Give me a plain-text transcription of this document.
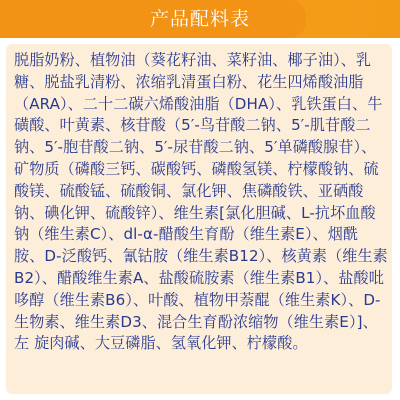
产品配料表
脱脂奶粉、植物油（葵花籽油、菜籽油、椰子油）、乳 糖、脱盐乳清粉、浓缩乳清蛋白粉、花生四烯酸油脂 （ARA）、二十二碳六烯酸油脂（DHA）、乳铁蛋白、牛 磺酸、叶黄素、核苷酸（5′-鸟苷酸二钠、5′-肌苷酸二 钠、5′-胞苷酸二钠、5′-尿苷酸二钠、5′单磷酸腺苷）、 矿物质（磷酸三钙、碳酸钙、磷酸氢镁、柠檬酸钠、硫 酸镁、硫酸锰、硫酸铜、氯化钾、焦磷酸铁、亚硒酸 钠、碘化钾、硫酸锌）、维生素[氯化胆碱、L-抗坏血酸 钠（维生素C）、dl-α-醋酸生育酚（维生素E）、烟酰 胺、D-泛酸钙、氰钴胺（维生素B12）、核黄素（维生素 B2）、醋酸维生素A、盐酸硫胺素（维生素B1）、盐酸吡 哆醇（维生素B6）、叶酸、植物甲萘醌（维生素K）、D- 生物素、维生素D3、混合生育酚浓缩物（维生素E）]、左 旋肉碱、大豆磷脂、氢氧化钾、柠檬酸。
